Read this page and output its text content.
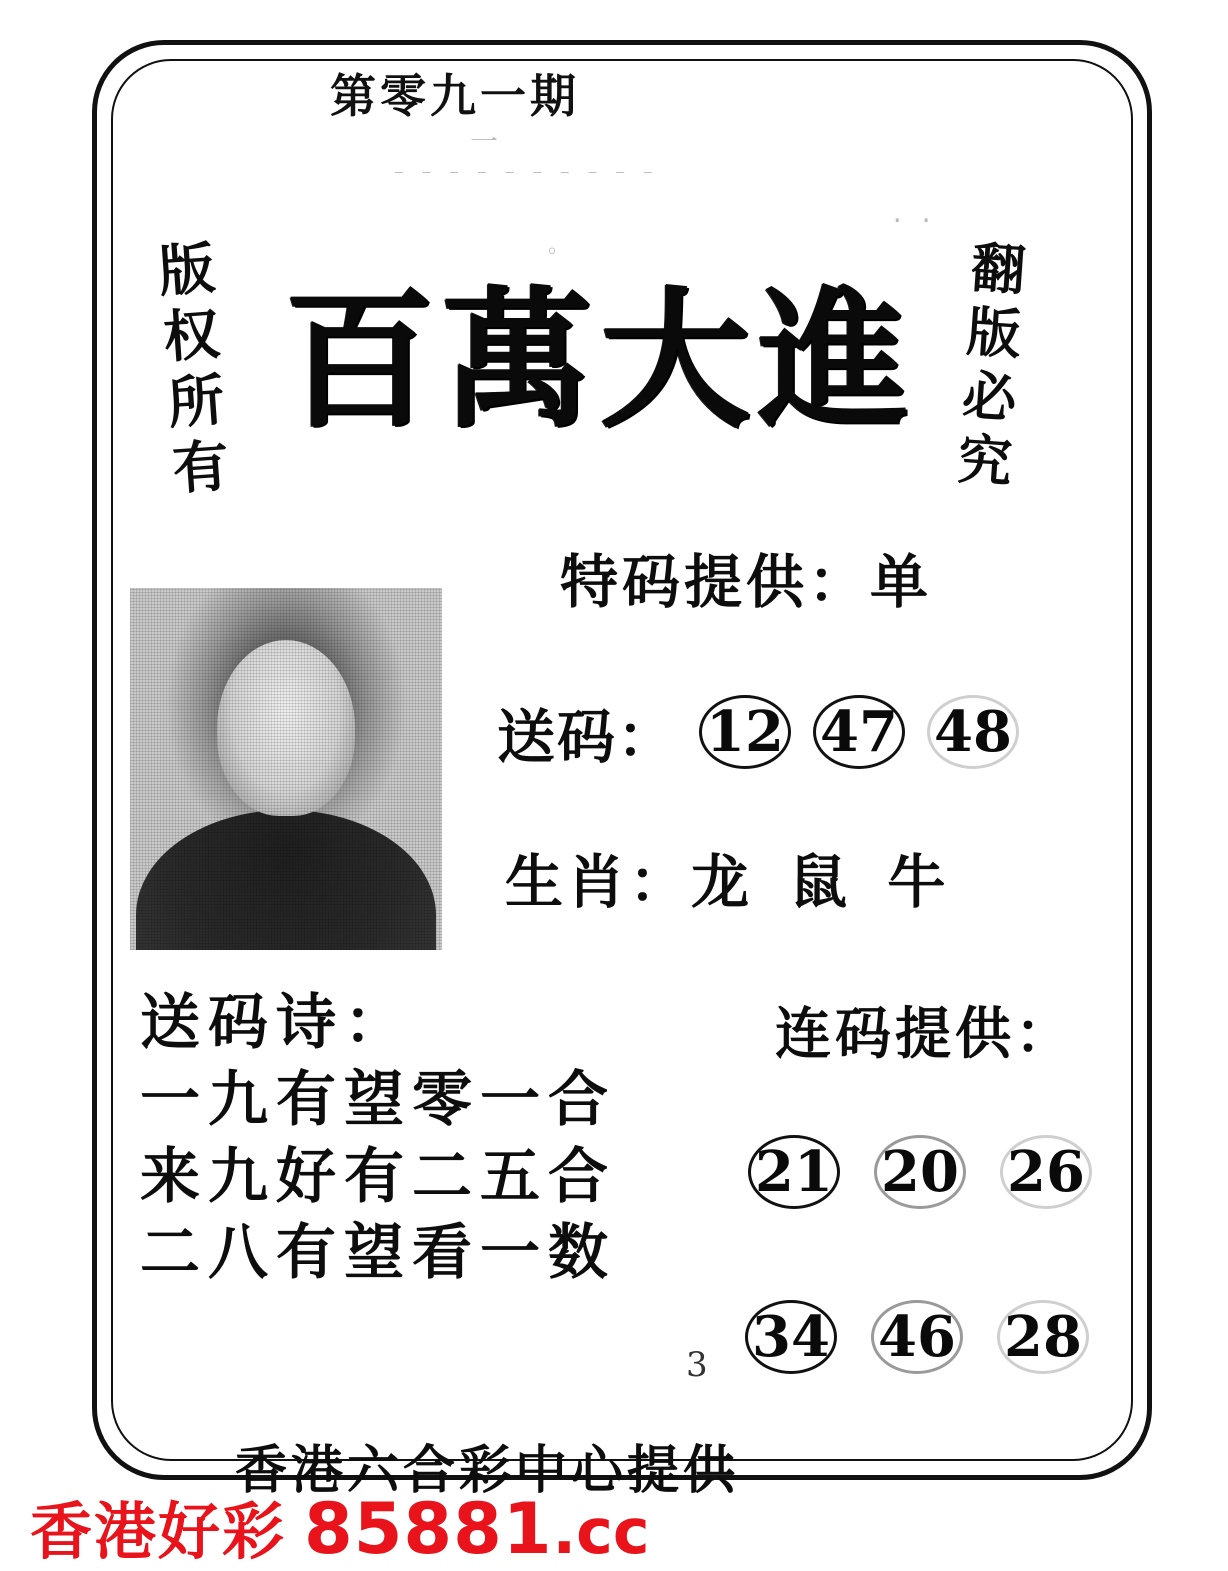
第零九一期
一
— — — — — — — — — —
。
. .
版权所有	翻版必究
百萬大進
特码提供：单
送码： 12 47 48
生肖：龙 鼠 牛
送码诗：
一九有望零一合
来九好有二五合
二八有望看一数
连码提供：
21 20 26
34 46 28
3
香港六合彩中心提供
香港好彩 85881 .cc
